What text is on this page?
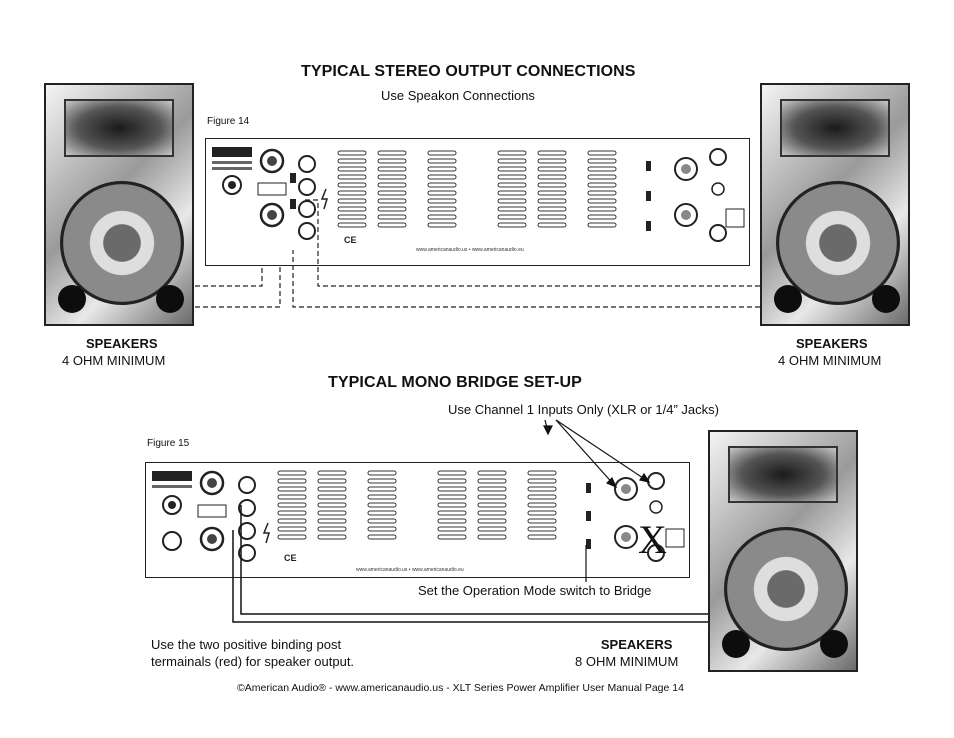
TYPICAL STEREO OUTPUT CONNECTIONS
Use Speakon Connections
Figure 14
SPEAKERS
4 OHM MINIMUM
SPEAKERS
4 OHM MINIMUM
CE
www.americanaudio.us • www.americanaudio.eu
TYPICAL MONO BRIDGE SET-UP
Use Channel 1 Inputs Only (XLR or 1/4” Jacks)
Figure 15
CE	X
www.americanaudio.us • www.americanaudio.eu
Set the Operation Mode switch to Bridge
Use the two positive binding post
termainals (red) for speaker output.
SPEAKERS
8 OHM MINIMUM
©American Audio® - www.americanaudio.us - XLT Series Power Amplifier User Manual Page 14
